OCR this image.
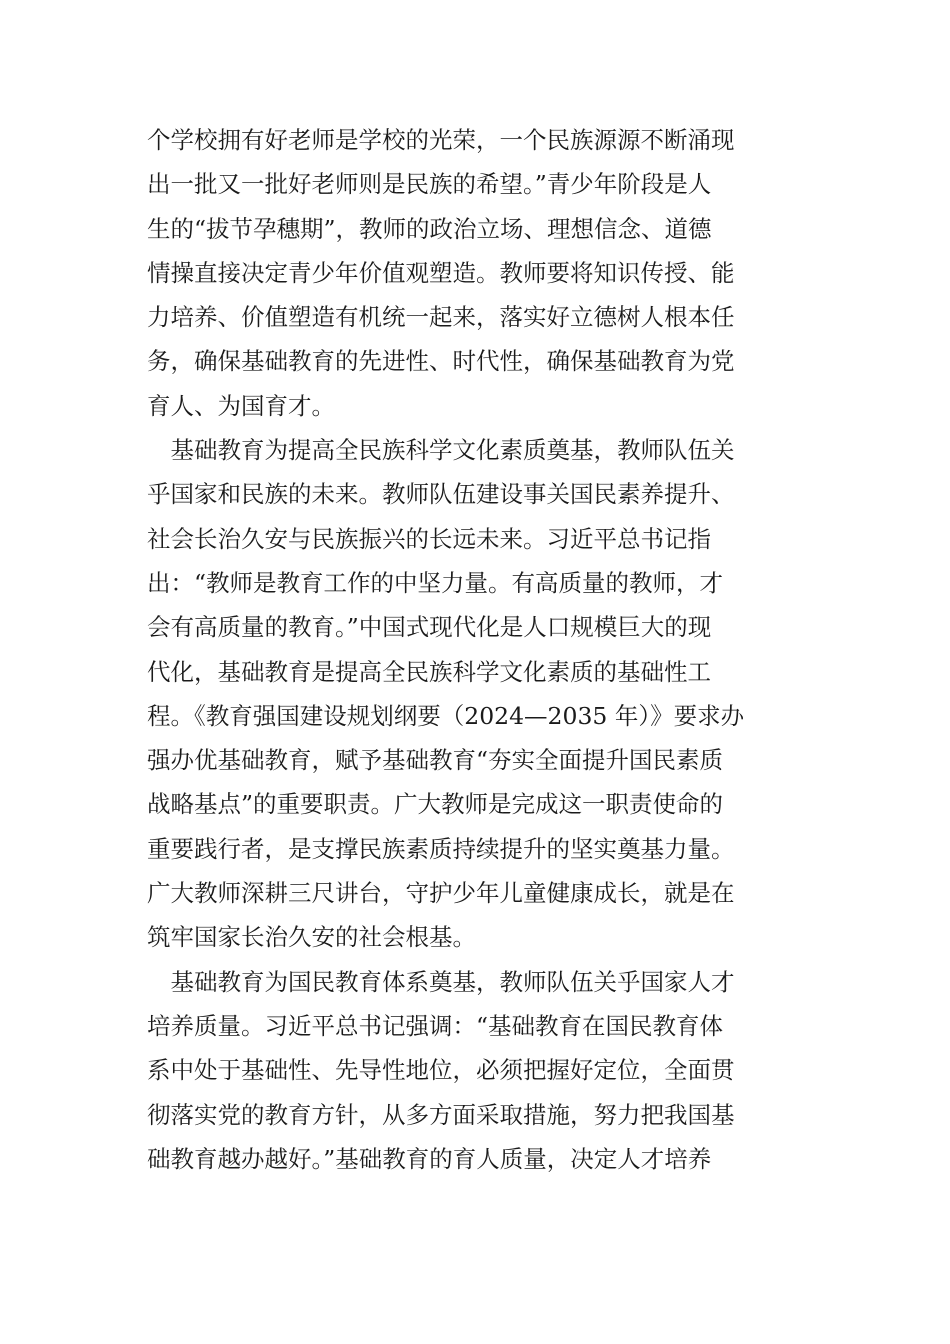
个学校拥有好老师是学校的光荣，一个民族源源不断涌现
出一批又一批好老师则是民族的希望。”青少年阶段是人
生的“拔节孕穗期”，教师的政治立场、理想信念、道德
情操直接决定青少年价值观塑造。教师要将知识传授、能
力培养、价值塑造有机统一起来，落实好立德树人根本任
务，确保基础教育的先进性、时代性，确保基础教育为党
育人、为国育才。
　基础教育为提高全民族科学文化素质奠基，教师队伍关
乎国家和民族的未来。教师队伍建设事关国民素养提升、
社会长治久安与民族振兴的长远未来。习近平总书记指
出：“教师是教育工作的中坚力量。有高质量的教师，才
会有高质量的教育。”中国式现代化是人口规模巨大的现
代化，基础教育是提高全民族科学文化素质的基础性工
程。《教育强国建设规划纲要（2024—2035 年）》要求办
强办优基础教育，赋予基础教育“夯实全面提升国民素质
战略基点”的重要职责。广大教师是完成这一职责使命的
重要践行者，是支撑民族素质持续提升的坚实奠基力量。
广大教师深耕三尺讲台，守护少年儿童健康成长，就是在
筑牢国家长治久安的社会根基。
　基础教育为国民教育体系奠基，教师队伍关乎国家人才
培养质量。习近平总书记强调：“基础教育在国民教育体
系中处于基础性、先导性地位，必须把握好定位，全面贯
彻落实党的教育方针，从多方面采取措施，努力把我国基
础教育越办越好。”基础教育的育人质量，决定人才培养
